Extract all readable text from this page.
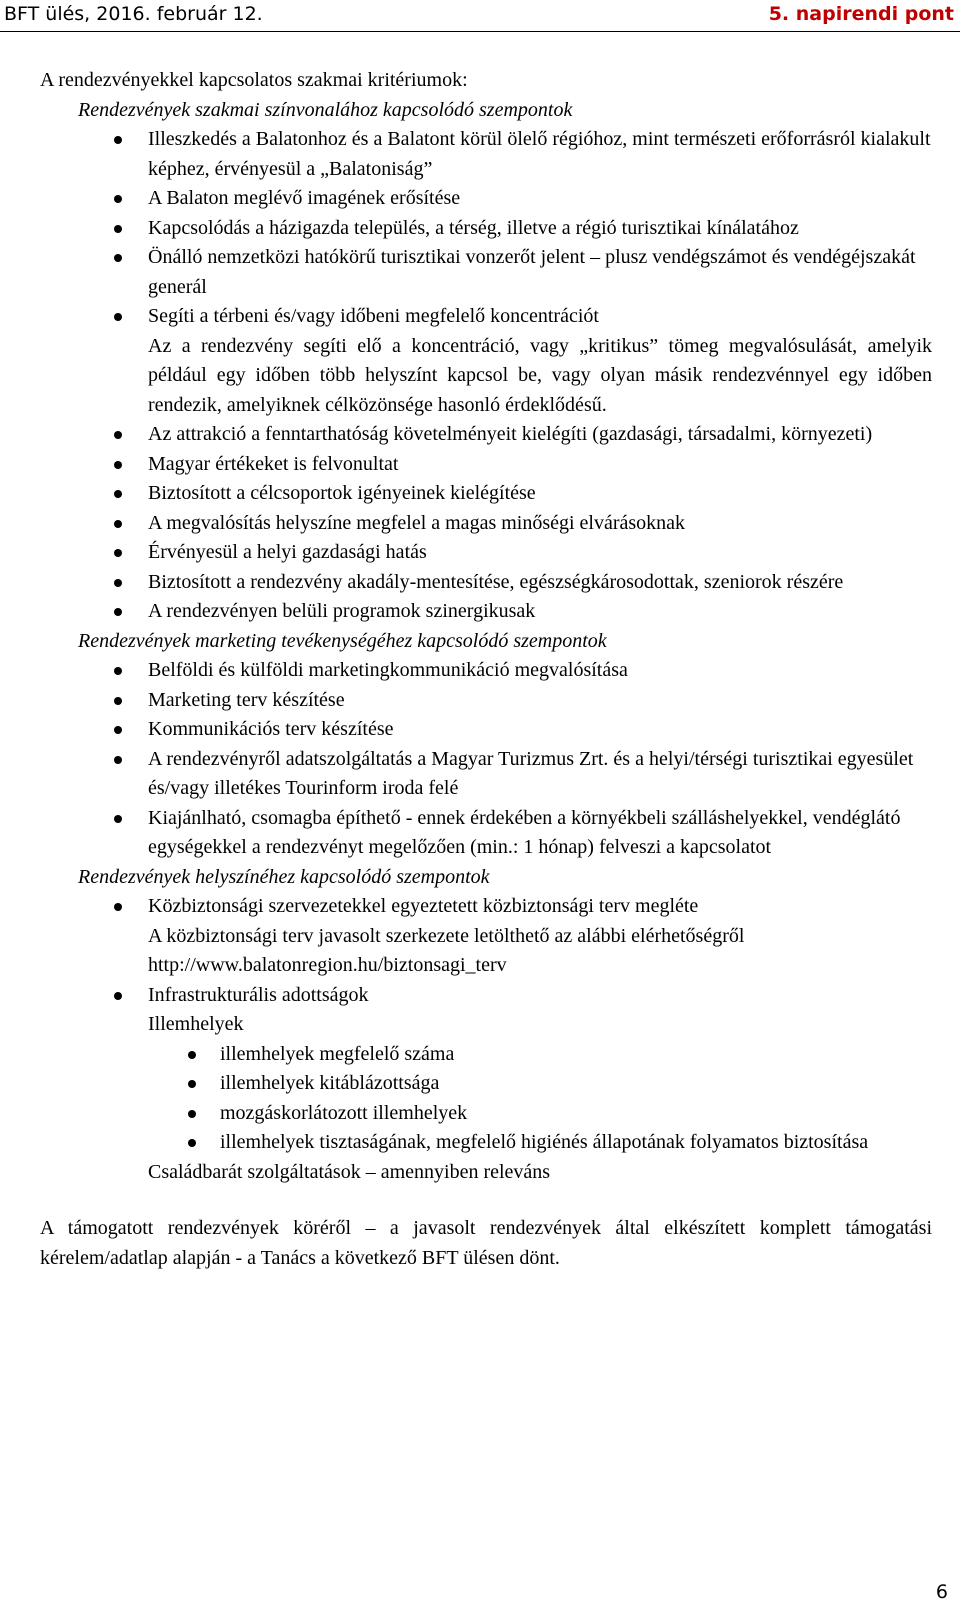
BFT ülés, 2016. február 12.	5. napirendi pont

A rendezvényekkel kapcsolatos szakmai kritériumok:

Rendezvények szakmai színvonalához kapcsolódó szempontok

Illeszkedés a Balatonhoz és a Balatont körül ölelő régióhoz, mint természeti erőforrásról kialakult képhez, érvényesül a „Balatoniság”
A Balaton meglévő imagének erősítése
Kapcsolódás a házigazda település, a térség, illetve a régió turisztikai kínálatához
Önálló nemzetközi hatókörű turisztikai vonzerőt jelent – plusz vendégszámot és vendégéjszakát generál
Segíti a térbeni és/vagy időbeni megfelelő koncentrációt
Az a rendezvény segíti elő a koncentráció, vagy „kritikus” tömeg megvalósulását, amelyik például egy időben több helyszínt kapcsol be, vagy olyan másik rendezvénnyel egy időben rendezik, amelyiknek célközönsége hasonló érdeklődésű.
Az attrakció a fenntarthatóság követelményeit kielégíti (gazdasági, társadalmi, környezeti)
Magyar értékeket is felvonultat
Biztosított a célcsoportok igényeinek kielégítése
A megvalósítás helyszíne megfelel a magas minőségi elvárásoknak
Érvényesül a helyi gazdasági hatás
Biztosított a rendezvény akadály-mentesítése, egészségkárosodottak, szeniorok részére
A rendezvényen belüli programok szinergikusak

Rendezvények marketing tevékenységéhez kapcsolódó szempontok

Belföldi és külföldi marketingkommunikáció megvalósítása
Marketing terv készítése
Kommunikációs terv készítése
A rendezvényről adatszolgáltatás a Magyar Turizmus Zrt. és a helyi/térségi turisztikai egyesület és/vagy illetékes Tourinform iroda felé
Kiajánlható, csomagba építhető - ennek érdekében a környékbeli szálláshelyekkel, vendéglátó egységekkel a rendezvényt megelőzően (min.: 1 hónap) felveszi a kapcsolatot

Rendezvények helyszínéhez kapcsolódó szempontok

Közbiztonsági szervezetekkel egyeztetett közbiztonsági terv megléte
A közbiztonsági terv javasolt szerkezete letölthető az alábbi elérhetőségről http://www.balatonregion.hu/biztonsagi_terv
Infrastrukturális adottságok
Illemhelyek
illemhelyek megfelelő száma
illemhelyek kitáblázottsága
mozgáskorlátozott illemhelyek
illemhelyek tisztaságának, megfelelő higiénés állapotának folyamatos biztosítása
Családbarát szolgáltatások – amennyiben releváns

A támogatott rendezvények köréről – a javasolt rendezvények által elkészített komplett támogatási kérelem/adatlap alapján - a Tanács a következő BFT ülésen dönt.

6
